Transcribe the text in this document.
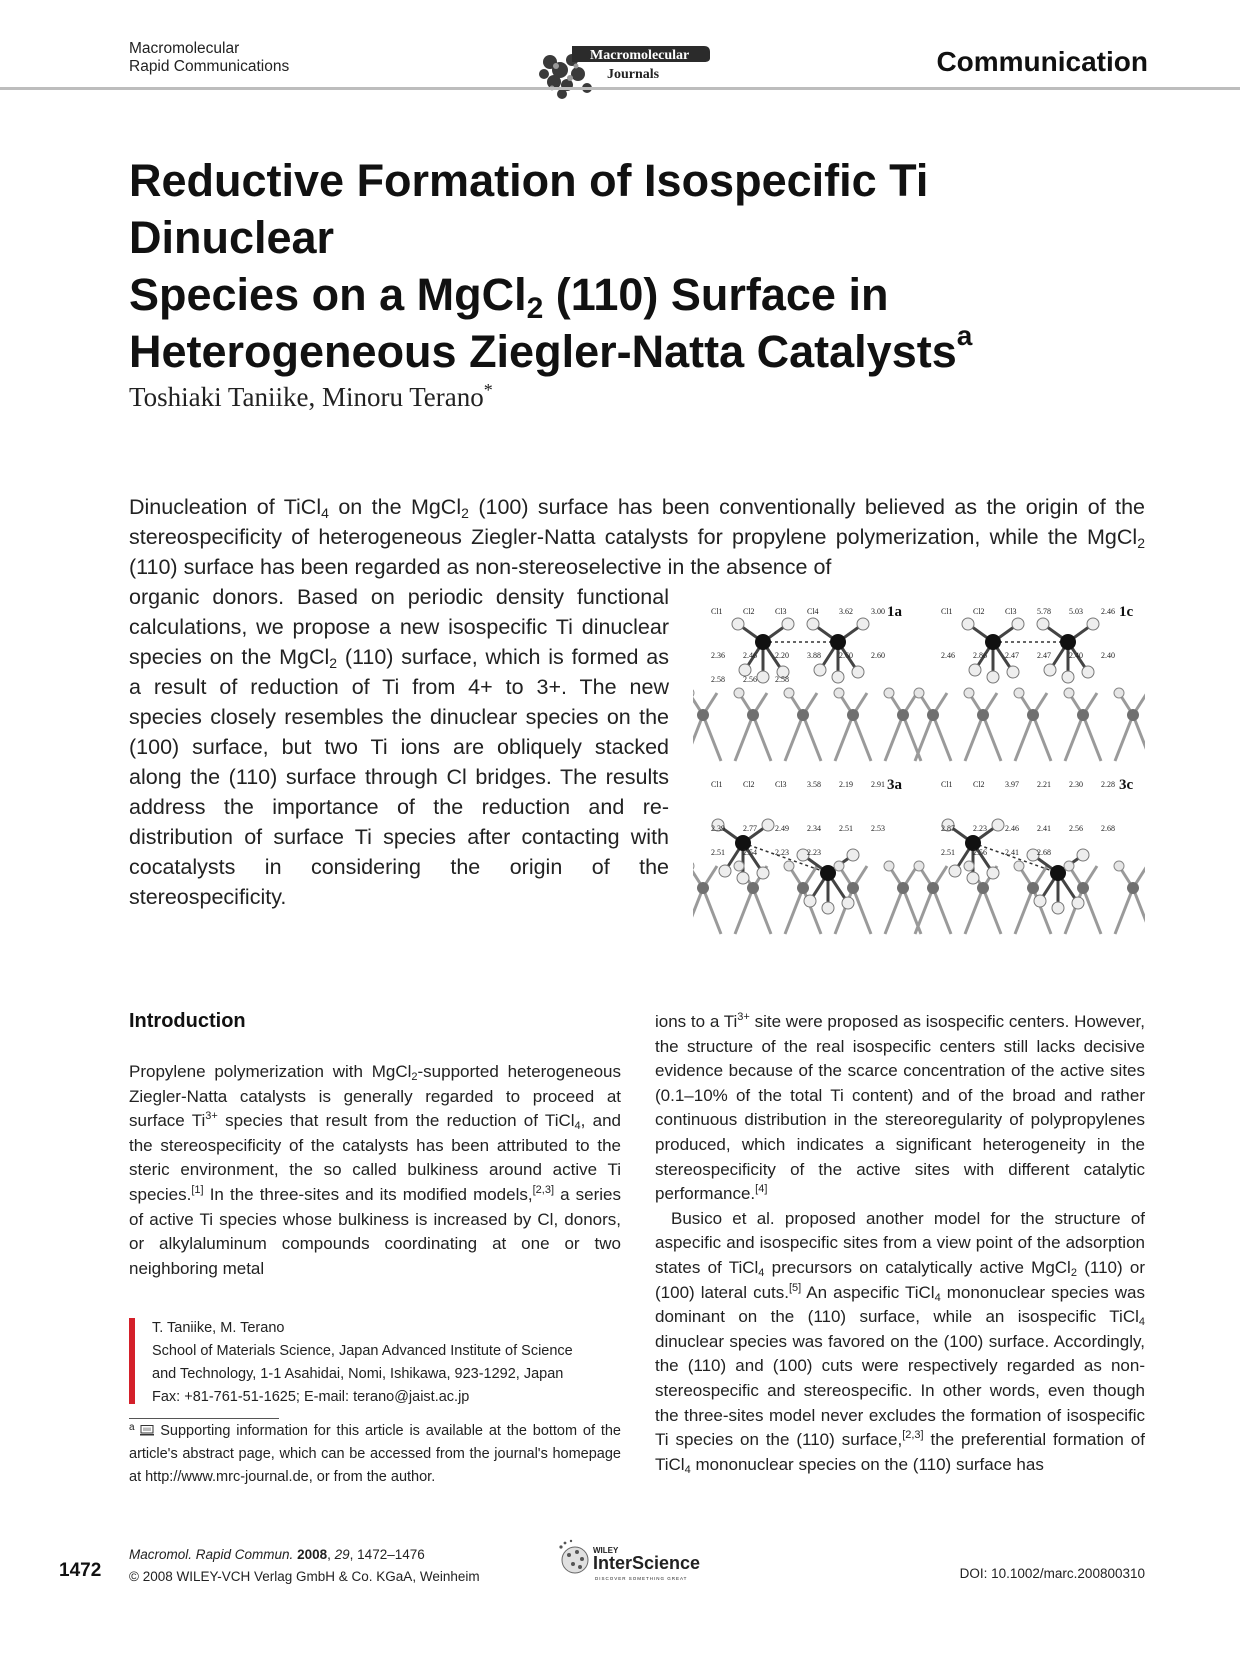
Macromolecular
Rapid Communications
Macromolecular
Journals	Communication
Reductive Formation of Isospecific Ti Dinuclear
Species on a MgCl$_2$ (110) Surface in
Heterogeneous Ziegler-Natta Catalysts$^a$
Toshiaki Taniike, Minoru Terano*
Dinucleation of TiCl$_4$ on the MgCl$_2$ (100) surface has been conventionally believed as the origin of the stereospecificity of heterogeneous Ziegler-Natta catalysts for propylene polymerization, while the MgCl$_2$ (110) surface has been regarded as non-stereoselective in the absence of
organic donors. Based on periodic density functional calculations, we propose a new isospecific Ti dinuclear species on the MgCl$_2$ (110) surface, which is formed as a result of reduction of Ti from 4+ to 3+. The new species closely resembles the dinuclear species on the (100) surface, but two Ti ions are obliquely stacked along the (110) surface through Cl bridges. The results address the importance of the reduction and re-distribution of surface Ti species after contacting with cocatalysts in considering the origin of the stereospecificity.
1a
Cl1	Cl2	Cl3	Cl4	3.62 3.00
2.36 2.46 2.20 3.88 2.60 2.60
2.58 2.56 2.58
1c
Cl1	Cl2	Cl3	5.78 5.03 2.46
2.46 2.86 2.47 2.47 2.40 2.40
3a
Cl1	Cl2	Cl3	3.58 2.19 2.91
2.39 2.77 2.49 2.34 2.51 2.53
2.51 2.54 2.23 2.23
3c
Cl1	Cl2	3.97 2.21 2.30 2.28
2.87 2.23 2.46 2.41 2.56 2.68
2.51 2.56 2.41 2.68
Introduction

Propylene polymerization with MgCl$_2$-supported heterogeneous Ziegler-Natta catalysts is generally regarded to proceed at surface Ti$^{3+}$ species that result from the reduction of TiCl$_4$, and the stereospecificity of the catalysts has been attributed to the steric environment, the so called bulkiness around active Ti species.[1] In the three-sites and its modified models,[2,3] a series of active Ti species whose bulkiness is increased by Cl, donors, or alkylaluminum compounds coordinating at one or two neighboring metal

T. Taniike, M. Terano
School of Materials Science, Japan Advanced Institute of Science
and Technology, 1-1 Asahidai, Nomi, Ishikawa, 923-1292, Japan
Fax: +81-761-51-1625; E-mail: terano@jaist.ac.jp
$^a$ Supporting information for this article is available at the bottom of the article's abstract page, which can be accessed from the journal's homepage at http://www.mrc-journal.de, or from the author.

ions to a Ti$^{3+}$ site were proposed as isospecific centers. However, the structure of the real isospecific centers still lacks decisive evidence because of the scarce concentration of the active sites (0.1–10% of the total Ti content) and of the broad and rather continuous distribution in the stereoregularity of polypropylenes produced, which indicates a significant heterogeneity in the stereospecificity of the active sites with different catalytic performance.[4]

Busico et al. proposed another model for the structure of aspecific and isospecific sites from a view point of the adsorption states of TiCl$_4$ precursors on catalytically active MgCl$_2$ (110) or (100) lateral cuts.[5] An aspecific TiCl$_4$ mononuclear species was dominant on the (110) surface, while an isospecific TiCl$_4$ dinuclear species was favored on the (100) surface. Accordingly, the (110) and (100) cuts were respectively regarded as non-stereospecific and stereospecific. In other words, even though the three-sites model never excludes the formation of isospecific Ti species on the (110) surface,[2,3] the preferential formation of TiCl$_4$ mononuclear species on the (110) surface has

1472
Macromol. Rapid Commun. 2008, 29, 1472–1476
© 2008 WILEY-VCH Verlag GmbH & Co. KGaA, Weinheim
WILEY
InterScience
DISCOVER SOMETHING GREAT	DOI: 10.1002/marc.200800310
